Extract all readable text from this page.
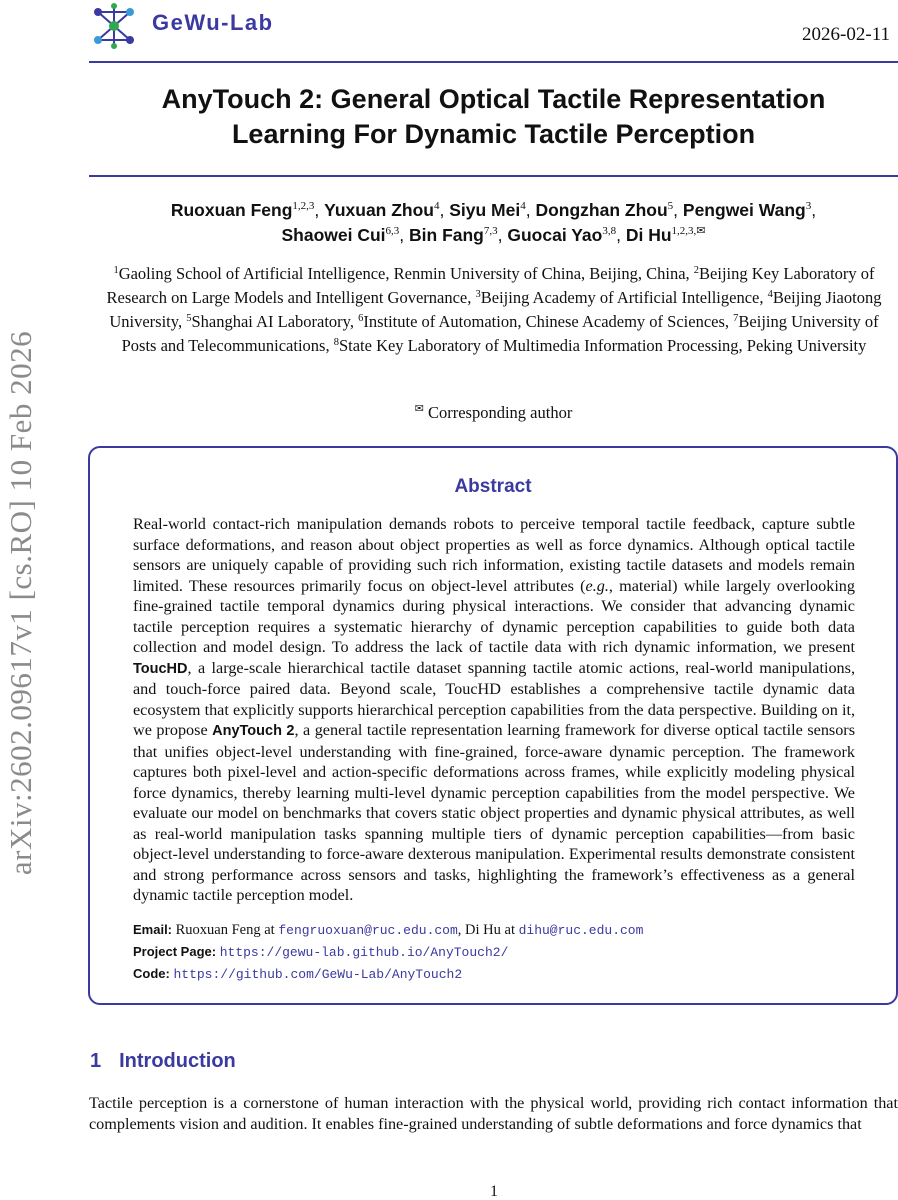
GeWu-Lab	2026-02-11
arXiv:2602.09617v1 [cs.RO] 10 Feb 2026
AnyTouch 2: General Optical Tactile Representation
Learning For Dynamic Tactile Perception
Ruoxuan Feng$^{1,2,3}$, Yuxuan Zhou$^4$, Siyu Mei$^4$, Dongzhan Zhou$^5$, Pengwei Wang$^3$,
Shaowei Cui$^{6,3}$, Bin Fang$^{7,3}$, Guocai Yao$^{3,8}$, Di $Hu^{1,2,3,✉}$
$^1$Gaoling School of Artificial Intelligence, Renmin University of China, Beijing, China, $^2$Beijing Key Laboratory of Research on Large Models and Intelligent Governance, $^3$Beijing Academy of Artificial Intelligence, $^4$Beijing Jiaotong University, $^5$Shanghai AI Laboratory, $^6$Institute of Automation, Chinese Academy of Sciences, $^7$Beijing University of Posts and Telecommunications, $^8$State Key Laboratory of Multimedia Information Processing, Peking University
✉ Corresponding author
Abstract
Real-world contact-rich manipulation demands robots to perceive temporal tactile feedback, capture subtle surface deformations, and reason about object properties as well as force dynamics. Although optical tactile sensors are uniquely capable of providing such rich information, existing tactile datasets and models remain limited. These resources primarily focus on object-level attributes (e.g., material) while largely overlooking fine-grained tactile temporal dynamics during physical interactions. We consider that advancing dynamic tactile perception requires a systematic hierarchy of dynamic perception capabilities to guide both data collection and model design. To address the lack of tactile data with rich dynamic information, we present ToucHD, a large-scale hierarchical tactile dataset spanning tactile atomic actions, real-world manipulations, and touch-force paired data. Beyond scale, ToucHD establishes a comprehensive tactile dynamic data ecosystem that explicitly supports hierarchical perception capabilities from the data perspective. Building on it, we propose AnyTouch 2, a general tactile representation learning framework for diverse optical tactile sensors that unifies object-level understanding with fine-grained, force-aware dynamic perception. The framework captures both pixel-level and action-specific deformations across frames, while explicitly modeling physical force dynamics, thereby learning multi-level dynamic perception capabilities from the model perspective. We evaluate our model on benchmarks that covers static object properties and dynamic physical attributes, as well as real-world manipulation tasks spanning multiple tiers of dynamic perception capabilities—from basic object-level understanding to force-aware dexterous manipulation. Experimental results demonstrate consistent and strong performance across sensors and tasks, highlighting the framework’s effectiveness as a general dynamic tactile perception model.
Email: Ruoxuan Feng at fengruoxuan@ruc.edu.com, Di Hu at dihu@ruc.edu.com
Project Page: https://gewu-lab.github.io/AnyTouch2/
Code: https://github.com/GeWu-Lab/AnyTouch2
1 Introduction
Tactile perception is a cornerstone of human interaction with the physical world, providing rich contact information that complements vision and audition. It enables fine-grained understanding of subtle deformations and force dynamics that
1
